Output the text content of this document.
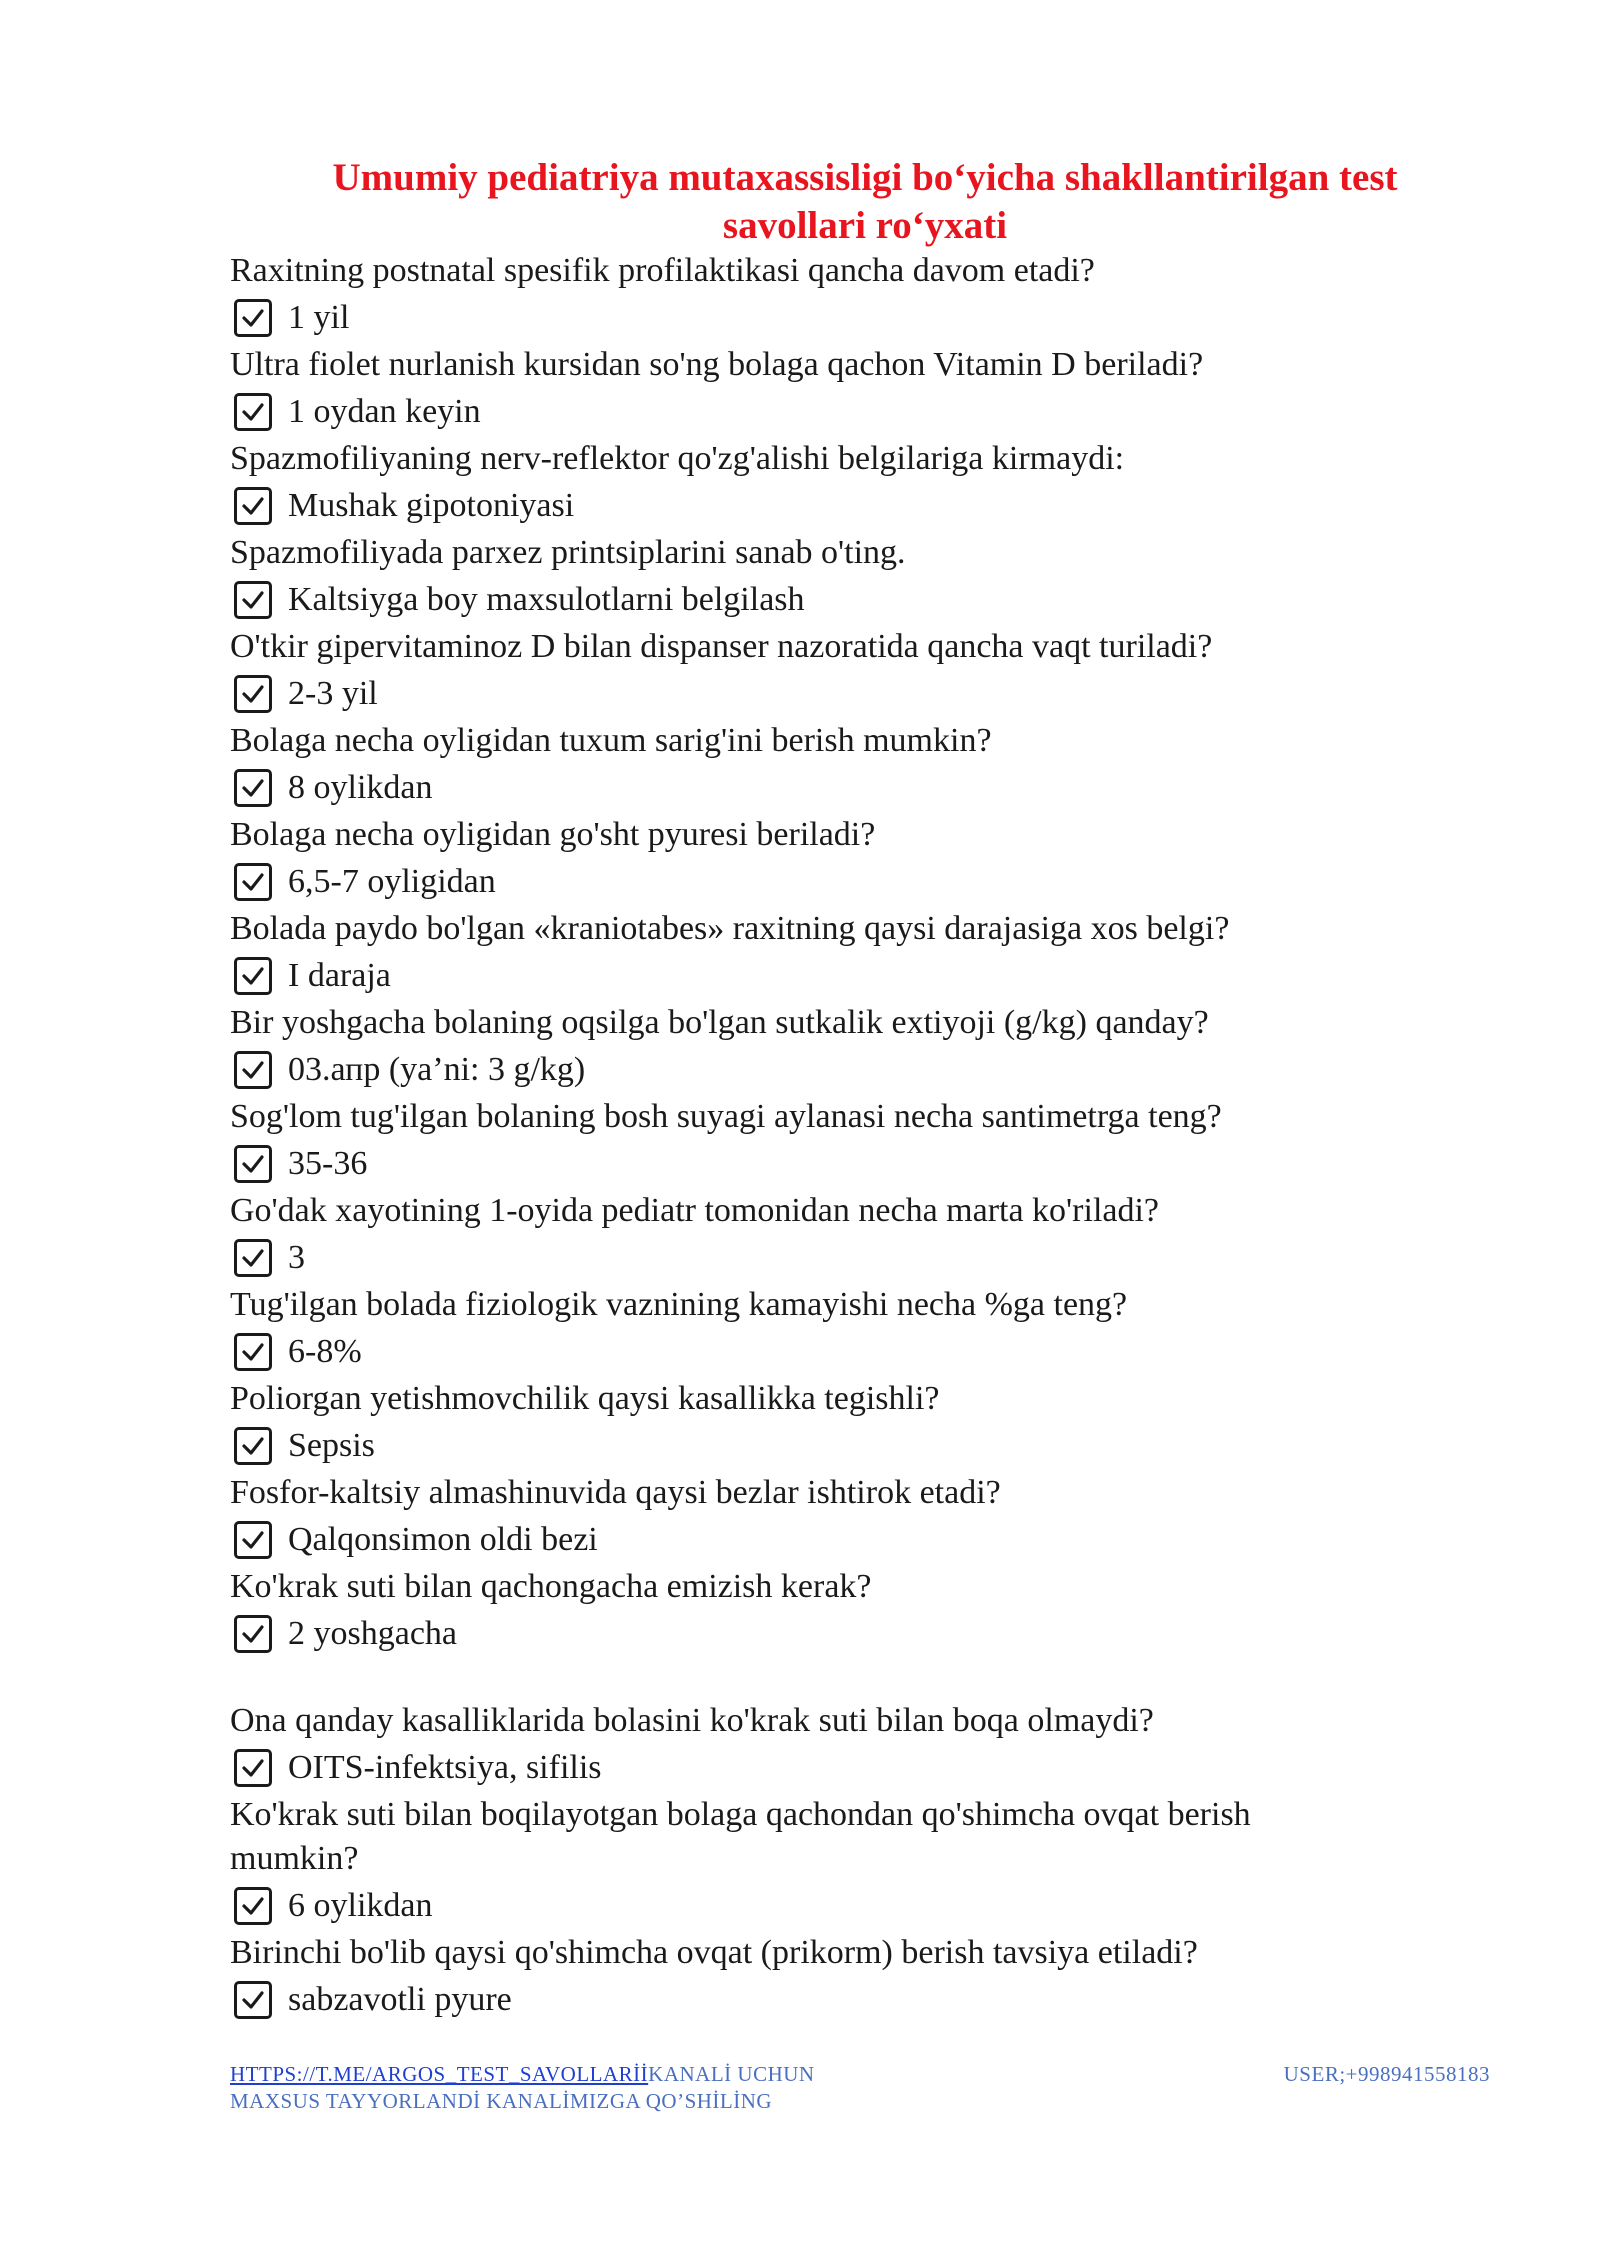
Umumiy pediatriya mutaxassisligi bo‘yicha shakllantirilgan test
savollari ro‘yxati

Raxitning postnatal spesifik profilaktikasi qancha davom etadi?

1 yil

Ultra fiolet nurlanish kursidan so'ng bolaga qachon Vitamin D beriladi?

1 oydan keyin

Spazmofiliyaning nerv-reflektor qo'zg'alishi belgilariga kirmaydi:

Mushak gipotoniyasi

Spazmofiliyada parxez printsiplarini sanab o'ting.

Kaltsiyga boy maxsulotlarni belgilash

O'tkir gipervitaminoz D bilan dispanser nazoratida qancha vaqt turiladi?

2-3 yil

Bolaga necha oyligidan tuxum sarig'ini berish mumkin?

8 oylikdan

Bolaga necha oyligidan go'sht pyuresi beriladi?

6,5-7 oyligidan

Bolada paydo bo'lgan «kraniotabes» raxitning qaysi darajasiga xos belgi?

I daraja

Bir yoshgacha bolaning oqsilga bo'lgan sutkalik extiyoji (g/kg) qanday?

03.апр (ya’ni: 3 g/kg)

Sog'lom tug'ilgan bolaning bosh suyagi aylanasi necha santimetrga teng?

35-36

Go'dak xayotining 1-oyida pediatr tomonidan necha marta ko'riladi?

3

Tug'ilgan bolada fiziologik vaznining kamayishi necha %ga teng?

6-8%

Poliorgan yetishmovchilik qaysi kasallikka tegishli?

Sepsis

Fosfor-kaltsiy almashinuvida qaysi bezlar ishtirok etadi?

Qalqonsimon oldi bezi

Ko'krak suti bilan qachongacha emizish kerak?

2 yoshgacha

Ona qanday kasalliklarida bolasini ko'krak suti bilan boqa olmaydi?

OITS-infektsiya, sifilis

Ko'krak suti bilan boqilayotgan bolaga qachondan qo'shimcha ovqat berish mumkin?

6 oylikdan

Birinchi bo'lib qaysi qo'shimcha ovqat (prikorm) berish tavsiya etiladi?

sabzavotli pyure
HTTPS://T.ME/ARGOS_TEST_SAVOLLARİİKANALİ UCHUN MAXSUS TAYYORLANDİ KANALİMIZGA QO’SHİLİNG
USER;+998941558183
